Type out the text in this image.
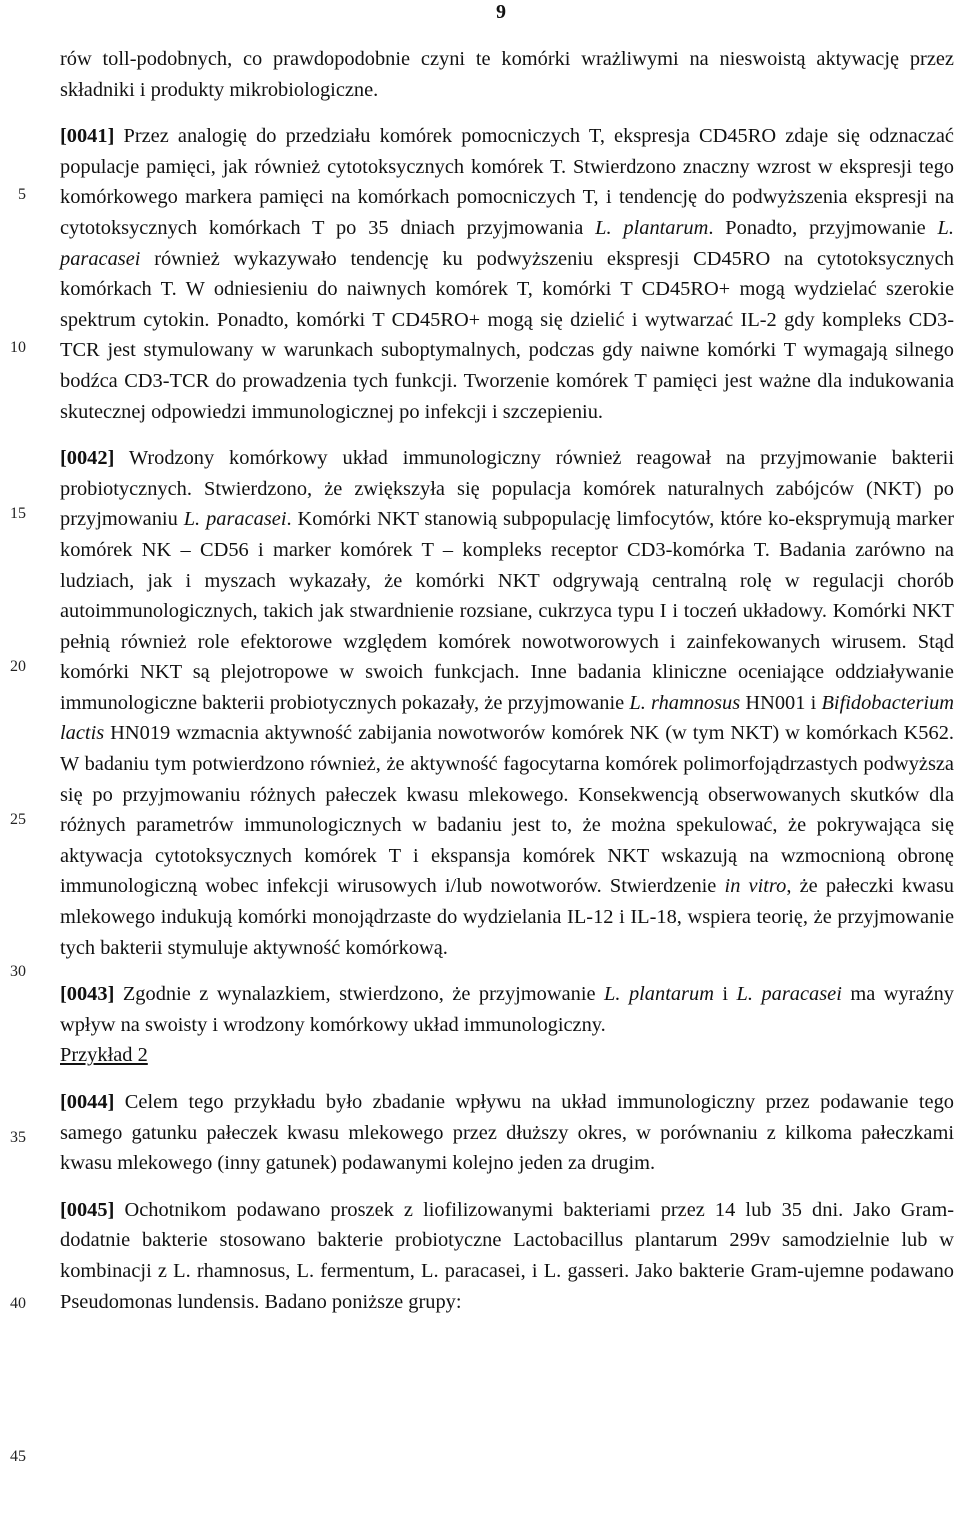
9
5
10
15
20
25
30
35
40
45

rów toll-podobnych, co prawdopodobnie czyni te komórki wrażliwymi na nieswoistą aktywację przez składniki i produkty mikrobiologiczne.

[0041] Przez analogię do przedziału komórek pomocniczych T, ekspresja CD45RO zdaje się odznaczać populacje pamięci, jak również cytotoksycznych komórek T. Stwierdzono znaczny wzrost w ekspresji tego komórkowego markera pamięci na komórkach pomocniczych T, i tendencję do podwyższenia ekspresji na cytotoksycznych komórkach T po 35 dniach przyjmowania L. plantarum. Ponadto, przyjmowanie L. paracasei również wykazywało tendencję ku podwyższeniu ekspresji CD45RO na cytotoksycznych komórkach T. W odniesieniu do naiwnych komórek T, komórki T CD45RO+ mogą wydzielać szerokie spektrum cytokin. Ponadto, komórki T CD45RO+ mogą się dzielić i wytwarzać IL-2 gdy kompleks CD3-TCR jest stymulowany w warunkach suboptymalnych, podczas gdy naiwne komórki T wymagają silnego bodźca CD3-TCR do prowadzenia tych funkcji. Tworzenie komórek T pamięci jest ważne dla indukowania skutecznej odpowiedzi immunologicznej po infekcji i szczepieniu.

[0042] Wrodzony komórkowy układ immunologiczny również reagował na przyjmowanie bakterii probiotycznych. Stwierdzono, że zwiększyła się populacja komórek naturalnych zabójców (NKT) po przyjmowaniu L. paracasei. Komórki NKT stanowią subpopulację limfocytów, które ko-eksprymują marker komórek NK – CD56 i marker komórek T – kompleks receptor CD3-komórka T. Badania zarówno na ludziach, jak i myszach wykazały, że komórki NKT odgrywają centralną rolę w regulacji chorób autoimmunologicznych, takich jak stwardnienie rozsiane, cukrzyca typu I i toczeń układowy. Komórki NKT pełnią również role efektorowe względem komórek nowotworowych i zainfekowanych wirusem. Stąd komórki NKT są plejotropowe w swoich funkcjach. Inne badania kliniczne oceniające oddziaływanie immunologiczne bakterii probiotycznych pokazały, że przyjmowanie L. rhamnosus HN001 i Bifidobacterium lactis HN019 wzmacnia aktywność zabijania nowotworów komórek NK (w tym NKT) w komórkach K562. W badaniu tym potwierdzono również, że aktywność fagocytarna komórek polimorfojądrzastych podwyższa się po przyjmowaniu różnych pałeczek kwasu mlekowego. Konsekwencją obserwowanych skutków dla różnych parametrów immunologicznych w badaniu jest to, że można spekulować, że pokrywająca się aktywacja cytotoksycznych komórek T i ekspansja komórek NKT wskazują na wzmocnioną obronę immunologiczną wobec infekcji wirusowych i/lub nowotworów. Stwierdzenie in vitro, że pałeczki kwasu mlekowego indukują komórki monojądrzaste do wydzielania IL-12 i IL-18, wspiera teorię, że przyjmowanie tych bakterii stymuluje aktywność komórkową.

[0043] Zgodnie z wynalazkiem, stwierdzono, że przyjmowanie L. plantarum i L. paracasei ma wyraźny wpływ na swoisty i wrodzony komórkowy układ immunologiczny.

Przykład 2

[0044] Celem tego przykładu było zbadanie wpływu na układ immunologiczny przez podawanie tego samego gatunku pałeczek kwasu mlekowego przez dłuższy okres, w porównaniu z kilkoma pałeczkami kwasu mlekowego (inny gatunek) podawanymi kolejno jeden za drugim.

[0045] Ochotnikom podawano proszek z liofilizowanymi bakteriami przez 14 lub 35 dni. Jako Gram-dodatnie bakterie stosowano bakterie probiotyczne Lactobacillus plantarum 299v samodzielnie lub w kombinacji z L. rhamnosus, L. fermentum, L. paracasei, i L. gasseri. Jako bakterie Gram-ujemne podawano Pseudomonas lundensis. Badano poniższe grupy:
